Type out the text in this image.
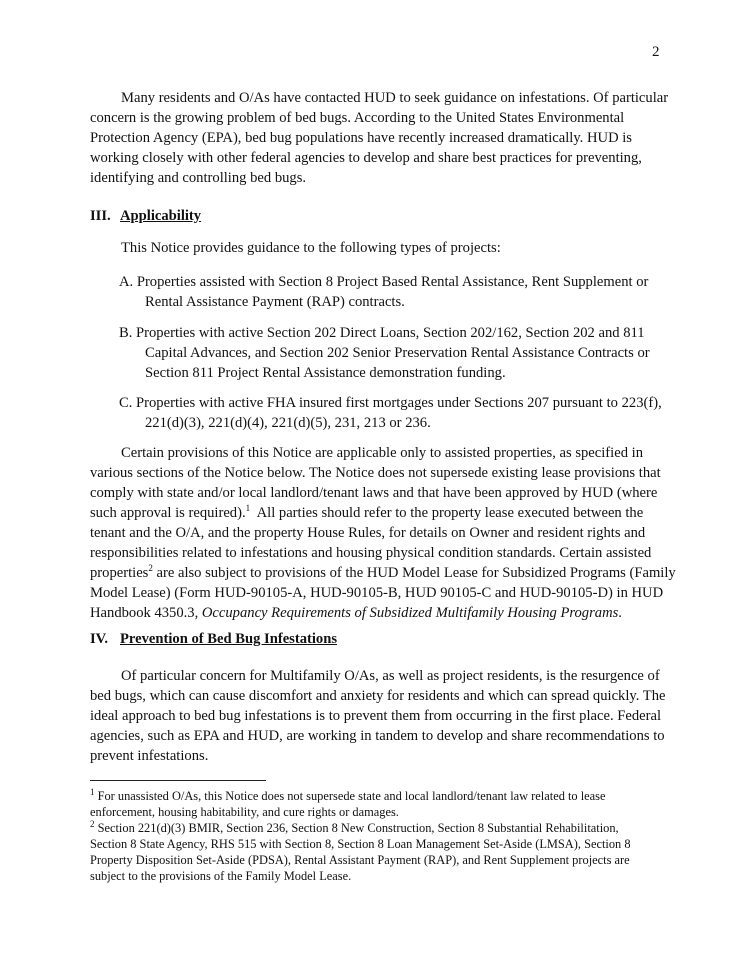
2
Many residents and O/As have contacted HUD to seek guidance on infestations. Of particular
concern is the growing problem of bed bugs. According to the United States Environmental
Protection Agency (EPA), bed bug populations have recently increased dramatically. HUD is
working closely with other federal agencies to develop and share best practices for preventing,
identifying and controlling bed bugs.
III. Applicability
This Notice provides guidance to the following types of projects:
A. Properties assisted with Section 8 Project Based Rental Assistance, Rent Supplement or
Rental Assistance Payment (RAP) contracts.
B. Properties with active Section 202 Direct Loans, Section 202/162, Section 202 and 811
Capital Advances, and Section 202 Senior Preservation Rental Assistance Contracts or
Section 811 Project Rental Assistance demonstration funding.
C. Properties with active FHA insured first mortgages under Sections 207 pursuant to 223(f),
221(d)(3), 221(d)(4), 221(d)(5), 231, 213 or 236.
Certain provisions of this Notice are applicable only to assisted properties, as specified in
various sections of the Notice below. The Notice does not supersede existing lease provisions that
comply with state and/or local landlord/tenant laws and that have been approved by HUD (where
such approval is required).$^1$  All parties should refer to the property lease executed between the
tenant and the O/A, and the property House Rules, for details on Owner and resident rights and
responsibilities related to infestations and housing physical condition standards. Certain assisted
properties$^2$ are also subject to provisions of the HUD Model Lease for Subsidized Programs (Family
Model Lease) (Form HUD-90105-A, HUD-90105-B, HUD 90105-C and HUD-90105-D) in HUD
Handbook 4350.3, Occupancy Requirements of Subsidized Multifamily Housing Programs.
IV. Prevention of Bed Bug Infestations
Of particular concern for Multifamily O/As, as well as project residents, is the resurgence of
bed bugs, which can cause discomfort and anxiety for residents and which can spread quickly. The
ideal approach to bed bug infestations is to prevent them from occurring in the first place. Federal
agencies, such as EPA and HUD, are working in tandem to develop and share recommendations to
prevent infestations.
$^1$ For unassisted O/As, this Notice does not supersede state and local landlord/tenant law related to lease
enforcement, housing habitability, and cure rights or damages.
$^2$ Section 221(d)(3) BMIR, Section 236, Section 8 New Construction, Section 8 Substantial Rehabilitation,
Section 8 State Agency, RHS 515 with Section 8, Section 8 Loan Management Set-Aside (LMSA), Section 8
Property Disposition Set-Aside (PDSA), Rental Assistant Payment (RAP), and Rent Supplement projects are
subject to the provisions of the Family Model Lease.
